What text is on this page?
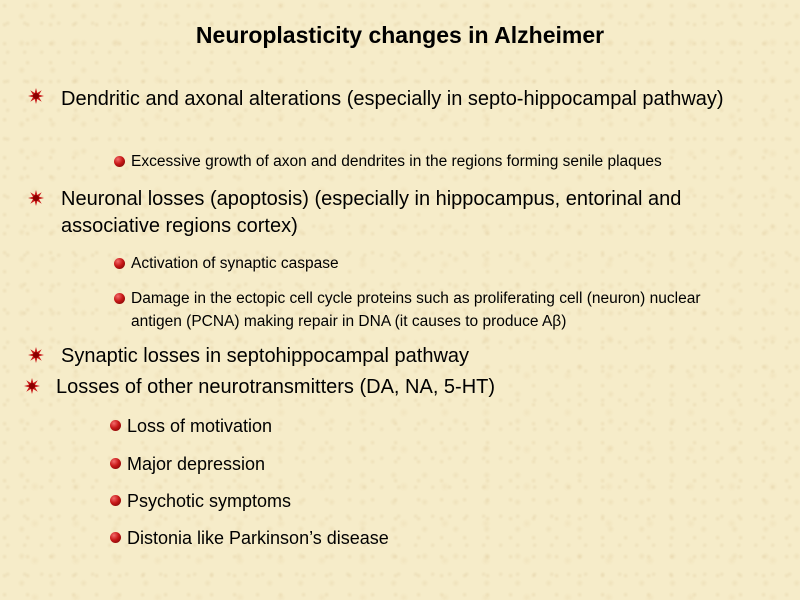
Neuroplasticity changes in Alzheimer
Dendritic and axonal alterations (especially in septo-hippocampal pathway)
Excessive growth of axon and dendrites in the regions forming senile plaques
Neuronal losses (apoptosis) (especially in hippocampus, entorinal and associative regions cortex)
Activation of synaptic caspase
Damage in the ectopic cell cycle proteins such as proliferating cell (neuron) nuclear antigen (PCNA) making repair in DNA (it causes to produce Aβ)
Synaptic losses in septohippocampal pathway
Losses of other neurotransmitters (DA, NA, 5-HT)
Loss of motivation
Major depression
Psychotic symptoms
Distonia like Parkinson’s disease
